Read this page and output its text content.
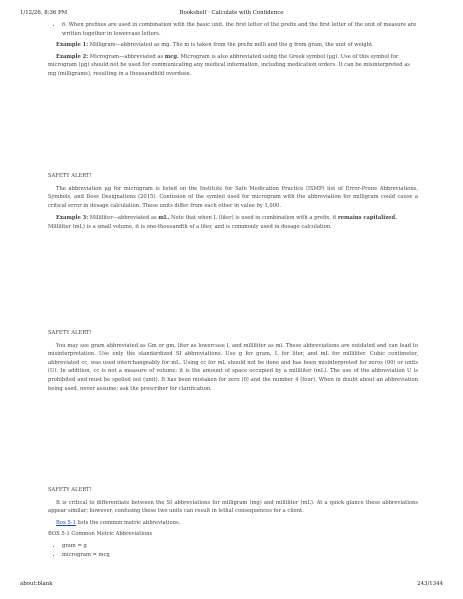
1/12/26, 8:36 PM	Bookshelf · Calculate with Confidence
• 6. When prefixes are used in combination with the basic unit, the first letter of the prefix and the first letter of the unit of measure are written together in lowercase letters.

Example 1: Milligram—abbreviated as mg. The m is taken from the prefix milli and the g from gram, the unit of weight.

Example 2: Microgram—abbreviated as mcg. Microgram is also abbreviated using the Greek symbol (μg). Use of this symbol for microgram (μg) should not be used for communicating any medical information, including medication orders. It can be misinterpreted as mg (milligrams), resulting in a thousandfold overdose.

SAFETY ALERT!

The abbreviation μg for microgram is listed on the Institute for Safe Medication Practice (ISMP) list of Error-Prone Abbreviations, Symbols, and Dose Designations (2015). Confusion of the symbol used for microgram with the abbreviation for milligram could cause a critical error in dosage calculation. These units differ from each other in value by 1,000.

Example 3: Milliliter—abbreviated as mL. Note that when L (liter) is used in combination with a prefix, it remains capitalized. Milliliter (mL) is a small volume, it is one-thousandth of a liter, and is commonly used in dosage calculation.

SAFETY ALERT!

You may see gram abbreviated as Gm or gm, liter as lowercase l, and milliliter as ml. These abbreviations are outdated and can lead to misinterpretation. Use only the standardized SI abbreviations. Use g for gram, L for liter, and mL for milliliter. Cubic centimeter, abbreviated cc, was used interchangeably for mL. Using cc for mL should not be done and has been misinterpreted for zeros (00) or units (U). In addition, cc is not a measure of volume; it is the amount of space occupied by a milliliter (mL). The use of the abbreviation U is prohibited and must be spelled out (unit). It has been mistaken for zero (0) and the number 4 (four). When in doubt about an abbreviation being used, never assume; ask the prescriber for clarification.

SAFETY ALERT!

It is critical to differentiate between the SI abbreviations for milligram (mg) and milliliter (mL). At a quick glance these abbreviations appear similar; however, confusing these two units can result in lethal consequences for a client.

Box 5-1 lists the common metric abbreviations.

BOX 5-1 Common Metric Abbreviations

• gram = g
• microgram = mcg
about:blank	243/1344
